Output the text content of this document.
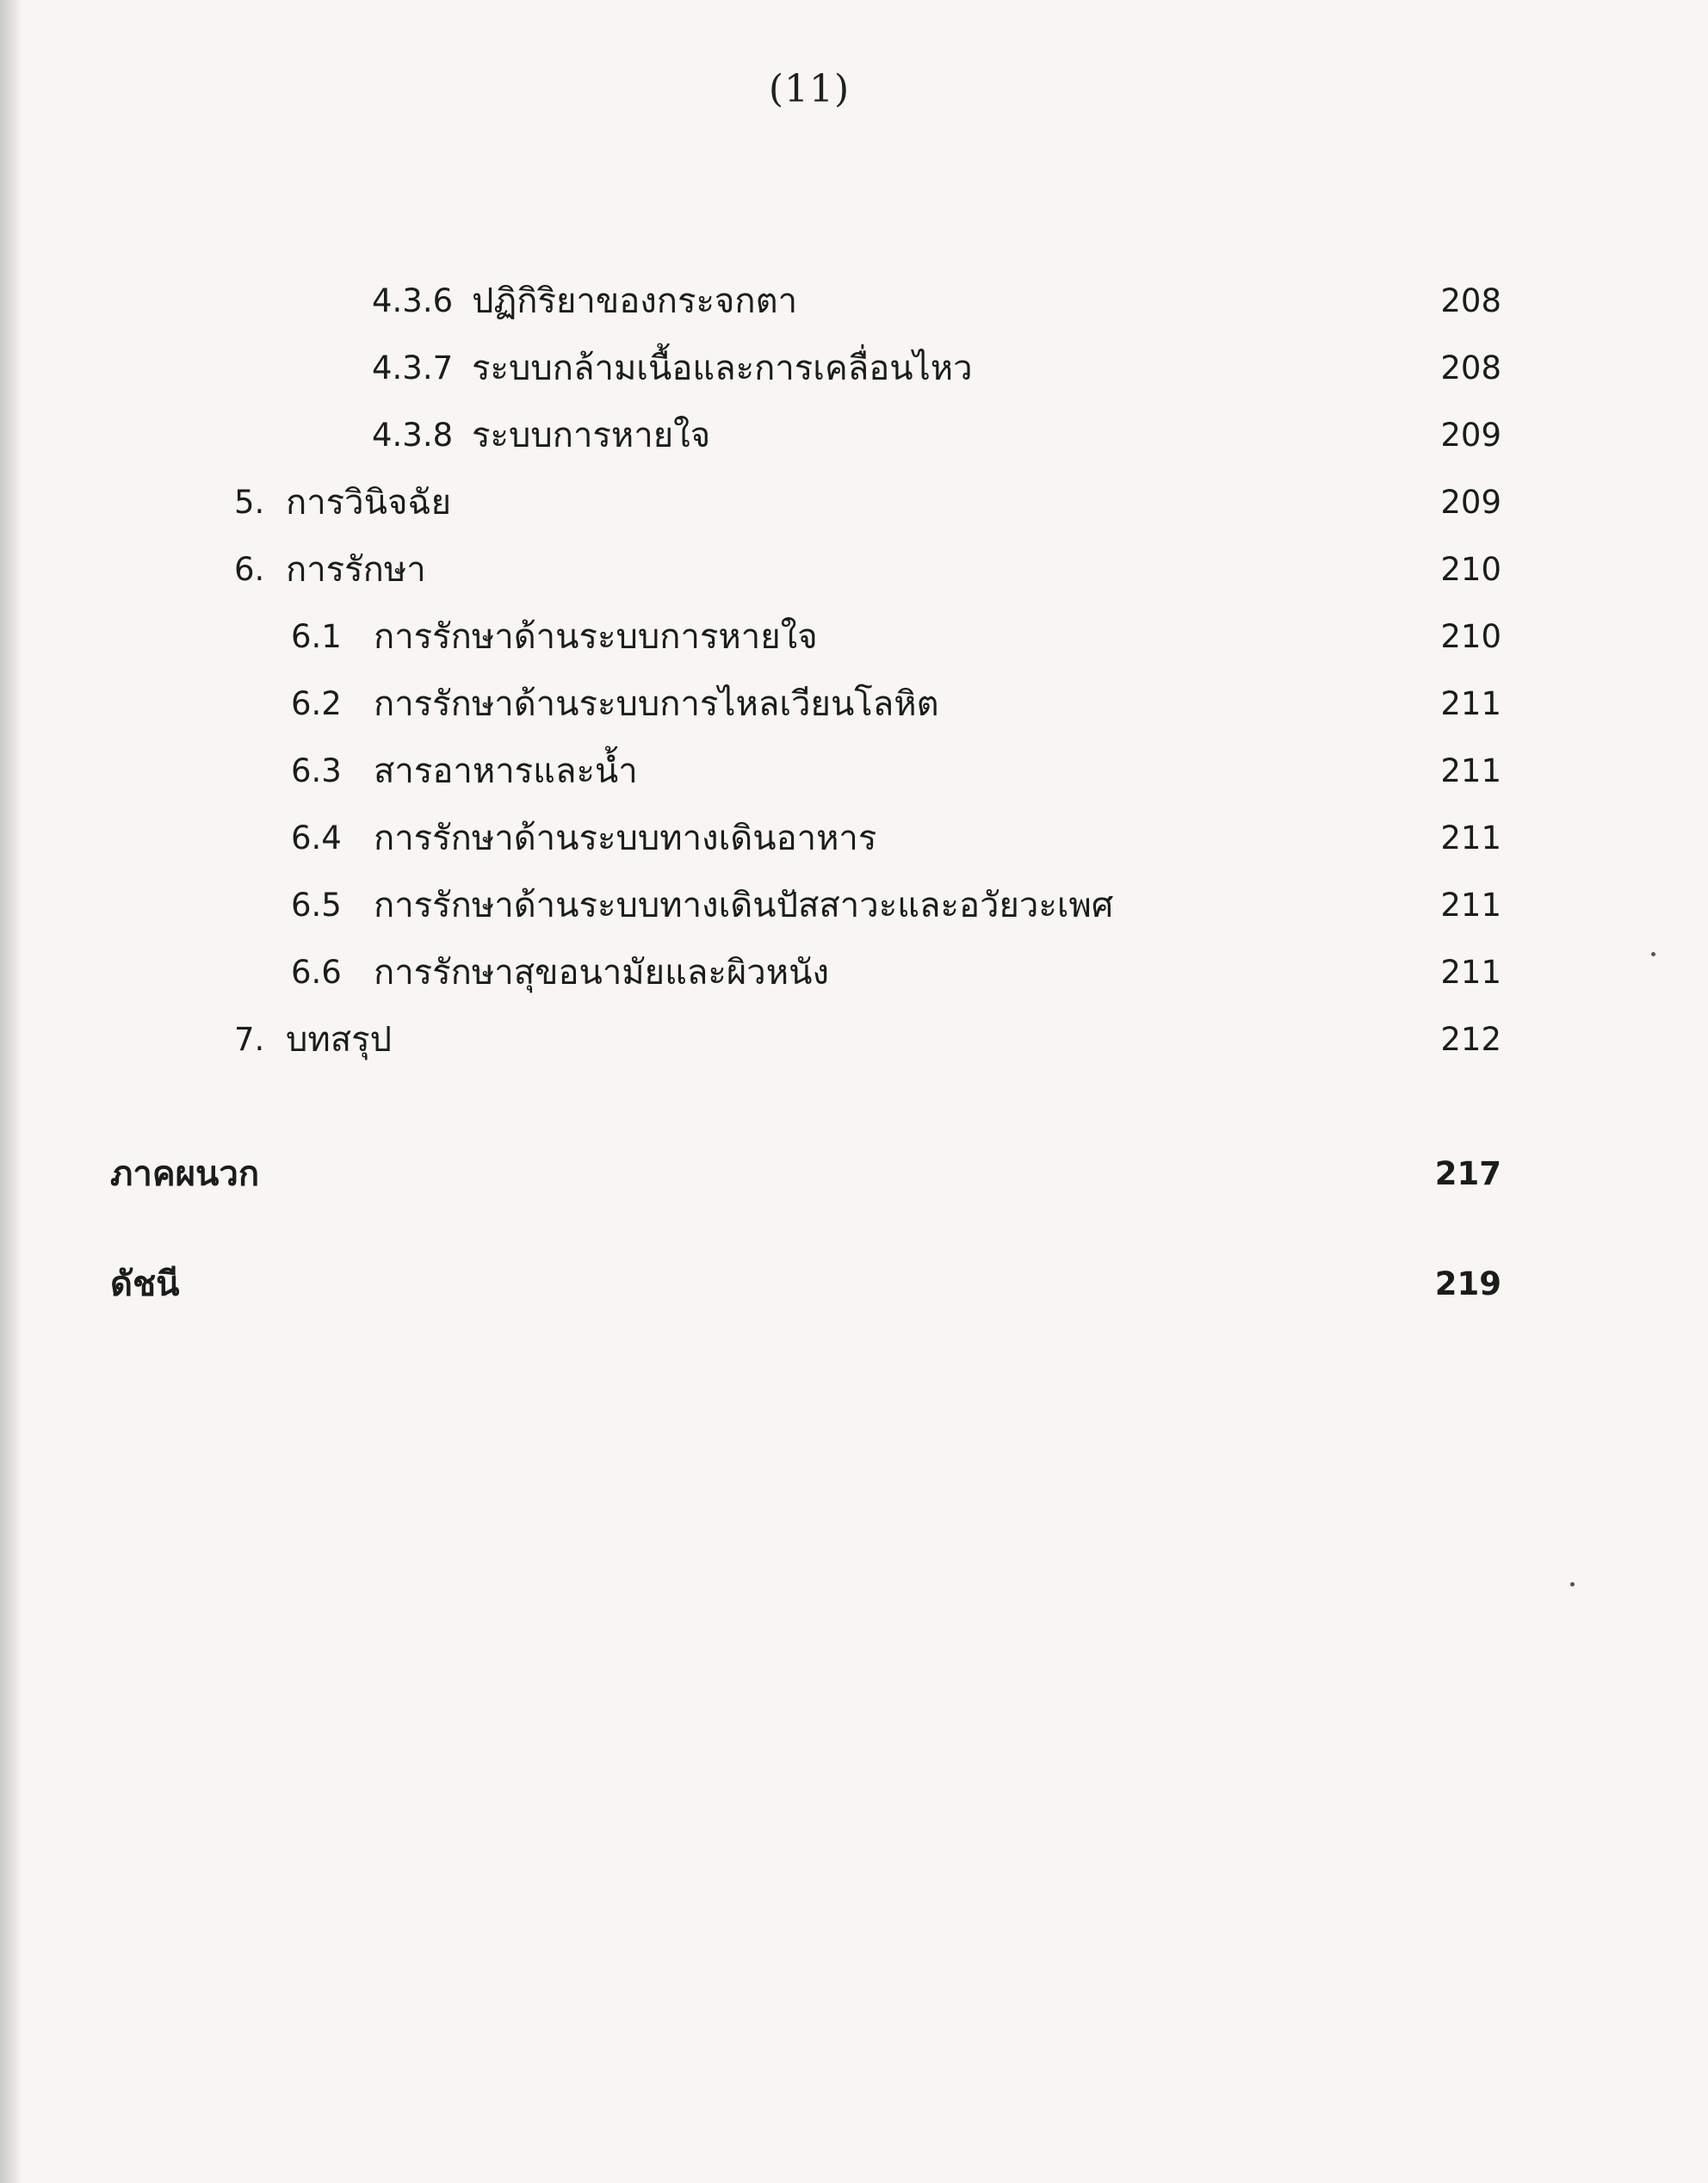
(11)
4.3.6 ปฏิกิริยาของกระจกตา	208
4.3.7 ระบบกล้ามเนื้อและการเคลื่อนไหว	208
4.3.8 ระบบการหายใจ	209
5. การวินิจฉัย	209
6. การรักษา	210
6.1 การรักษาด้านระบบการหายใจ	210
6.2 การรักษาด้านระบบการไหลเวียนโลหิต	211
6.3 สารอาหารและน้ำ	211
6.4 การรักษาด้านระบบทางเดินอาหาร	211
6.5 การรักษาด้านระบบทางเดินปัสสาวะและอวัยวะเพศ	211
6.6 การรักษาสุขอนามัยและผิวหนัง	211
7. บทสรุป	212
ภาคผนวก	217
ดัชนี	219
